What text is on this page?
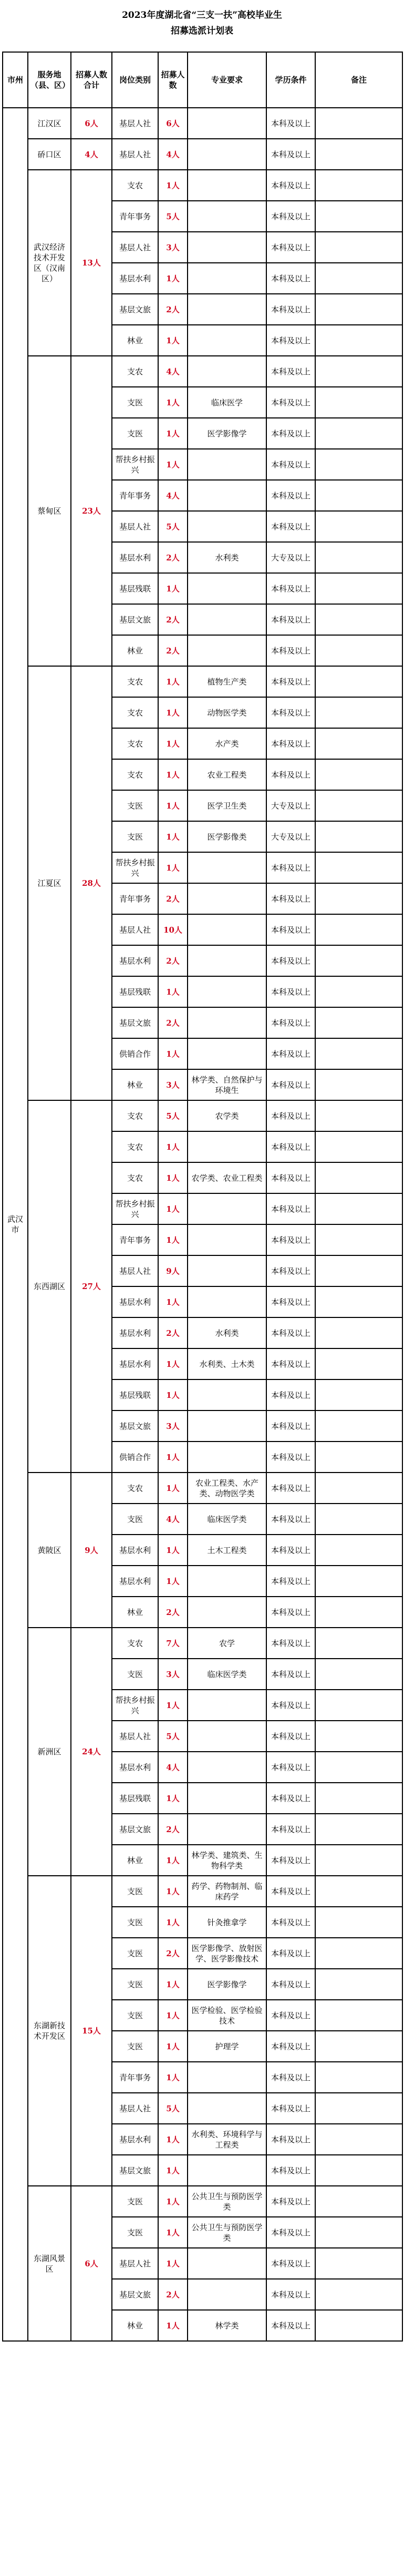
2023年度湖北省“三支一扶”高校毕业生
招募选派计划表
市州	服务地（县、区）	招募人数合计	岗位类别	招募人数	专业要求	学历条件	备注
武汉市	江汉区	6人	基层人社	6人		本科及以上	
	硚口区	4人	基层人社	4人		本科及以上	
	武汉经济技术开发区（汉南区）	13人	支农	1人		本科及以上	
			青年事务	5人		本科及以上	
			基层人社	3人		本科及以上	
			基层水利	1人		本科及以上	
			基层文旅	2人		本科及以上	
			林业	1人		本科及以上	
	蔡甸区	23人	支农	4人		本科及以上	
			支医	1人	临床医学	本科及以上	
			支医	1人	医学影像学	本科及以上	
			帮扶乡村振兴	1人		本科及以上	
			青年事务	4人		本科及以上	
			基层人社	5人		本科及以上	
			基层水利	2人	水利类	大专及以上	
			基层残联	1人		本科及以上	
			基层文旅	2人		本科及以上	
			林业	2人		本科及以上	
	江夏区	28人	支农	1人	植物生产类	本科及以上	
			支农	1人	动物医学类	本科及以上	
			支农	1人	水产类	本科及以上	
			支农	1人	农业工程类	本科及以上	
			支医	1人	医学卫生类	大专及以上	
			支医	1人	医学影像类	大专及以上	
			帮扶乡村振兴	1人		本科及以上	
			青年事务	2人		本科及以上	
			基层人社	10人		本科及以上	
			基层水利	2人		本科及以上	
			基层残联	1人		本科及以上	
			基层文旅	2人		本科及以上	
			供销合作	1人		本科及以上	
			林业	3人	林学类、自然保护与环境生	本科及以上	
	东西湖区	27人	支农	5人	农学类	本科及以上	
			支农	1人		本科及以上	
			支农	1人	农学类、农业工程类	本科及以上	
			帮扶乡村振兴	1人		本科及以上	
			青年事务	1人		本科及以上	
			基层人社	9人		本科及以上	
			基层水利	1人		本科及以上	
			基层水利	2人	水利类	本科及以上	
			基层水利	1人	水利类、土木类	本科及以上	
			基层残联	1人		本科及以上	
			基层文旅	3人		本科及以上	
			供销合作	1人		本科及以上	
	黄陂区	9人	支农	1人	农业工程类、水产类、动物医学类	本科及以上	
			支医	4人	临床医学类	本科及以上	
			基层水利	1人	土木工程类	本科及以上	
			基层水利	1人		本科及以上	
			林业	2人		本科及以上	
	新洲区	24人	支农	7人	农学	本科及以上	
			支医	3人	临床医学类	本科及以上	
			帮扶乡村振兴	1人		本科及以上	
			基层人社	5人		本科及以上	
			基层水利	4人		本科及以上	
			基层残联	1人		本科及以上	
			基层文旅	2人		本科及以上	
			林业	1人	林学类、建筑类、生物科学类	本科及以上	
	东湖新技术开发区	15人	支医	1人	药学、药物制剂、临床药学	本科及以上	
			支医	1人	针灸推拿学	本科及以上	
			支医	2人	医学影像学、放射医学、医学影像技术	本科及以上	
			支医	1人	医学影像学	本科及以上	
			支医	1人	医学检验、医学检验技术	本科及以上	
			支医	1人	护理学	本科及以上	
			青年事务	1人		本科及以上	
			基层人社	5人		本科及以上	
			基层水利	1人	水利类、环境科学与工程类	本科及以上	
			基层文旅	1人		本科及以上	
	东湖风景区	6人	支医	1人	公共卫生与预防医学类	本科及以上	
			支医	1人	公共卫生与预防医学类	本科及以上	
			基层人社	1人		本科及以上	
			基层文旅	2人		本科及以上	
			林业	1人	林学类	本科及以上	
